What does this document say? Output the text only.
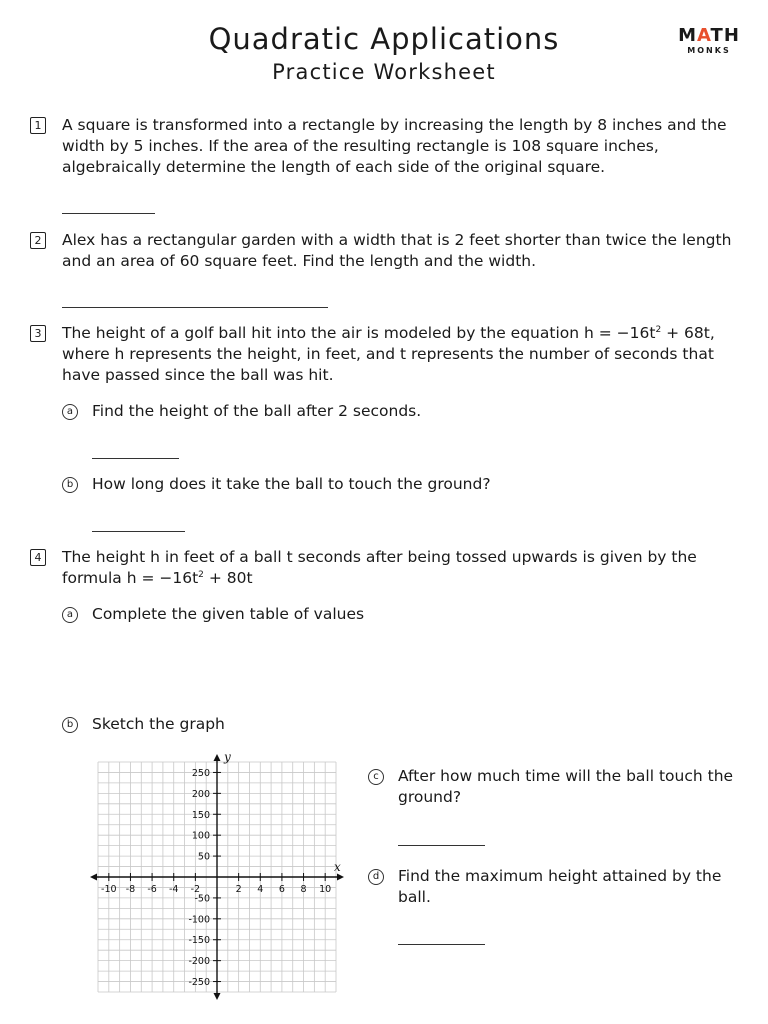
Quadratic Applications
Practice Worksheet
MATH
MONKS
1 A square is transformed into a rectangle by increasing the length by 8 inches and the width by 5 inches. If the area of the resulting rectangle is 108 square inches, algebraically determine the length of each side of the original square.
2 Alex has a rectangular garden with a width that is 2 feet shorter than twice the length and an area of 60 square feet. Find the length and the width.
3 The height of a golf ball hit into the air is modeled by the equation $h = -16t^2 + 68t$, where h represents the height, in feet, and t represents the number of seconds that have passed since the ball was hit.
a	Find the height of the ball after 2 seconds.
b	How long does it take the ball to touch the ground?
4 The height h in feet of a ball t seconds after being tossed upwards is given by the formula $h = -16t^2 + 80t$
a	Complete the given table of values
b	Sketch the graph
-10 -8 -6 -4 -2	2 4 6 8 10
250
200
150
100
50
-50
-100
-150
-200
-250
x
y
c	After how much time will the ball touch the ground?
d	Find the maximum height attained by the ball.
